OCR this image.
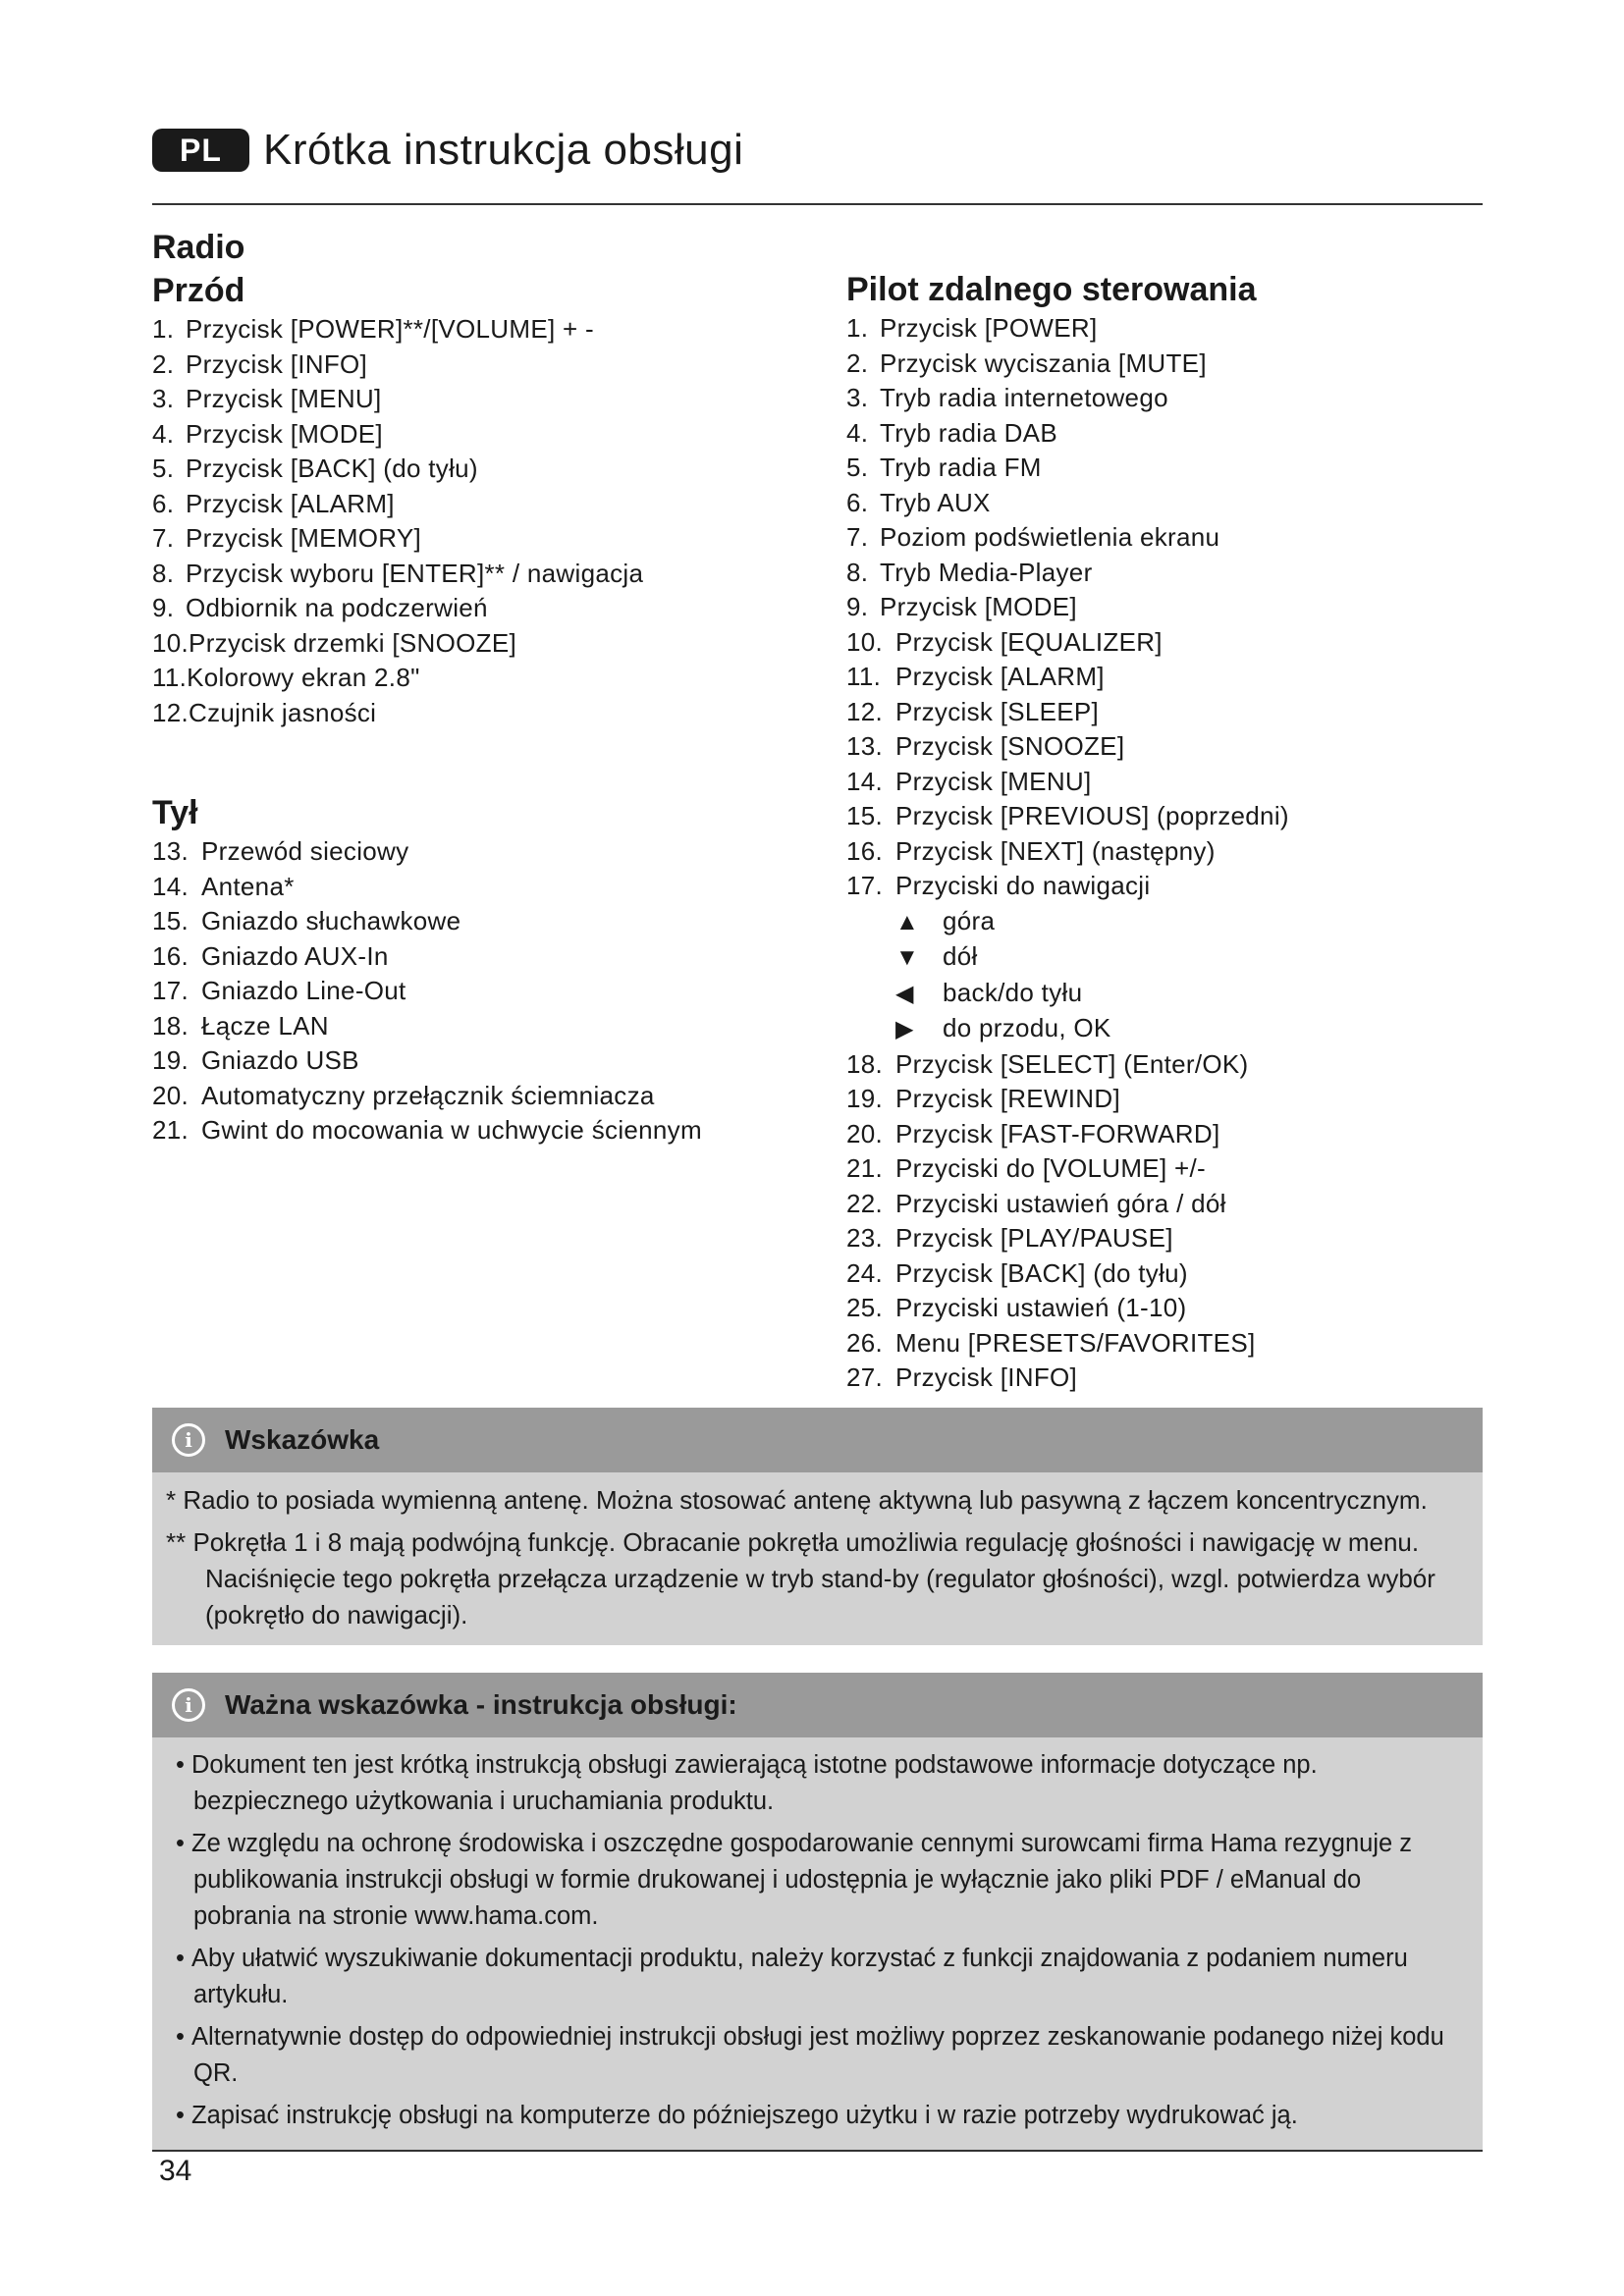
PL Krótka instrukcja obsługi
Radio
Przód
1. Przycisk [POWER]**/[VOLUME] + -
2. Przycisk [INFO]
3. Przycisk [MENU]
4. Przycisk [MODE]
5. Przycisk [BACK] (do tyłu)
6. Przycisk [ALARM]
7. Przycisk [MEMORY]
8. Przycisk wyboru [ENTER]** / nawigacja
9. Odbiornik na podczerwień
10.Przycisk drzemki [SNOOZE]
11.Kolorowy ekran 2.8"
12.Czujnik jasności
Tył
13. Przewód sieciowy
14. Antena*
15. Gniazdo słuchawkowe
16. Gniazdo AUX-In
17. Gniazdo Line-Out
18. Łącze LAN
19. Gniazdo USB
20. Automatyczny przełącznik ściemniacza
21. Gwint do mocowania w uchwycie ściennym
Pilot zdalnego sterowania
1. Przycisk [POWER]
2. Przycisk wyciszania [MUTE]
3. Tryb radia internetowego
4. Tryb radia DAB
5. Tryb radia FM
6. Tryb AUX
7. Poziom podświetlenia ekranu
8. Tryb Media-Player
9. Przycisk [MODE]
10. Przycisk [EQUALIZER]
11. Przycisk [ALARM]
12. Przycisk [SLEEP]
13. Przycisk [SNOOZE]
14. Przycisk [MENU]
15. Przycisk [PREVIOUS] (poprzedni)
16. Przycisk [NEXT] (następny)
17. Przyciski do nawigacji
▲ góra
▼ dół
◀ back/do tyłu
▶ do przodu, OK
18. Przycisk [SELECT] (Enter/OK)
19. Przycisk [REWIND]
20. Przycisk [FAST-FORWARD]
21. Przyciski do [VOLUME] +/-
22. Przyciski ustawień góra / dół
23. Przycisk [PLAY/PAUSE]
24. Przycisk [BACK] (do tyłu)
25. Przyciski ustawień (1-10)
26. Menu [PRESETS/FAVORITES]
27. Przycisk [INFO]
i	Wskazówka

* Radio to posiada wymienną antenę. Można stosować antenę aktywną lub pasywną z łączem koncentrycznym.

** Pokrętła 1 i 8 mają podwójną funkcję. Obracanie pokrętła umożliwia regulację głośności i nawigację w menu. Naciśnięcie tego pokrętła przełącza urządzenie w tryb stand-by (regulator głośności), wzgl. potwierdza wybór (pokrętło do nawigacji).

i	Ważna wskazówka - instrukcja obsługi:

• Dokument ten jest krótką instrukcją obsługi zawierającą istotne podstawowe informacje dotyczące np. bezpiecznego użytkowania i uruchamiania produktu.

• Ze względu na ochronę środowiska i oszczędne gospodarowanie cennymi surowcami firma Hama rezygnuje z publikowania instrukcji obsługi w formie drukowanej i udostępnia je wyłącznie jako pliki PDF / eManual do pobrania na stronie www.hama.com.

• Aby ułatwić wyszukiwanie dokumentacji produktu, należy korzystać z funkcji znajdowania z podaniem numeru artykułu.

• Alternatywnie dostęp do odpowiedniej instrukcji obsługi jest możliwy poprzez zeskanowanie podanego niżej kodu QR.

• Zapisać instrukcję obsługi na komputerze do późniejszego użytku i w razie potrzeby wydrukować ją.

34
